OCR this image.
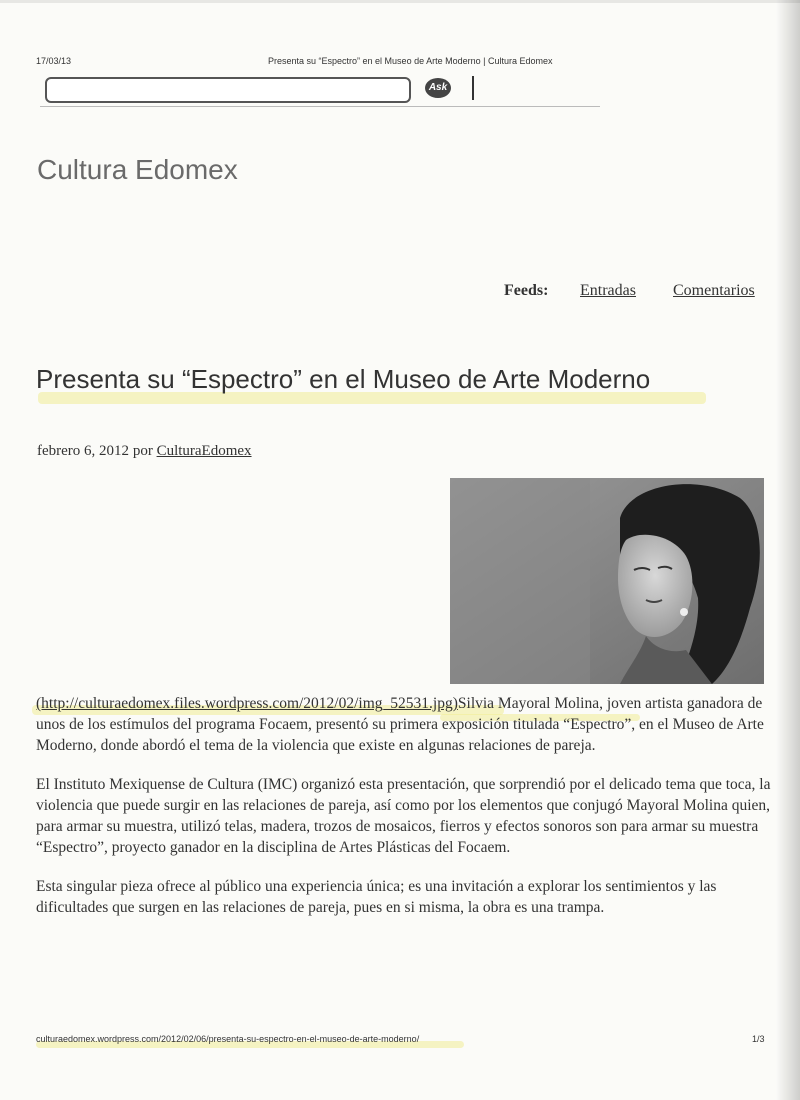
17/03/13	Presenta su “Espectro” en el Museo de Arte Moderno | Cultura Edomex
Ask
Cultura Edomex
Feeds: Entradas Comentarios
Presenta su “Espectro” en el Museo de Arte Moderno
febrero 6, 2012 por CulturaEdomex

(http://culturaedomex.files.wordpress.com/2012/02/img_52531.jpg)Silvia Mayoral Molina, joven artista ganadora de unos de los estímulos del programa Focaem, presentó su primera exposición titulada “Espectro”, en el Museo de Arte Moderno, donde abordó el tema de la violencia que existe en algunas relaciones de pareja.

El Instituto Mexiquense de Cultura (IMC) organizó esta presentación, que sorprendió por el delicado tema que toca, la violencia que puede surgir en las relaciones de pareja, así como por los elementos que conjugó Mayoral Molina quien, para armar su muestra, utilizó telas, madera, trozos de mosaicos, fierros y efectos sonoros son para armar su muestra “Espectro”, proyecto ganador en la disciplina de Artes Plásticas del Focaem.

Esta singular pieza ofrece al público una experiencia única; es una invitación a explorar los sentimientos y las dificultades que surgen en las relaciones de pareja, pues en si misma, la obra es una trampa.

culturaedomex.wordpress.com/2012/02/06/presenta-su-espectro-en-el-museo-de-arte-moderno/	1/3
